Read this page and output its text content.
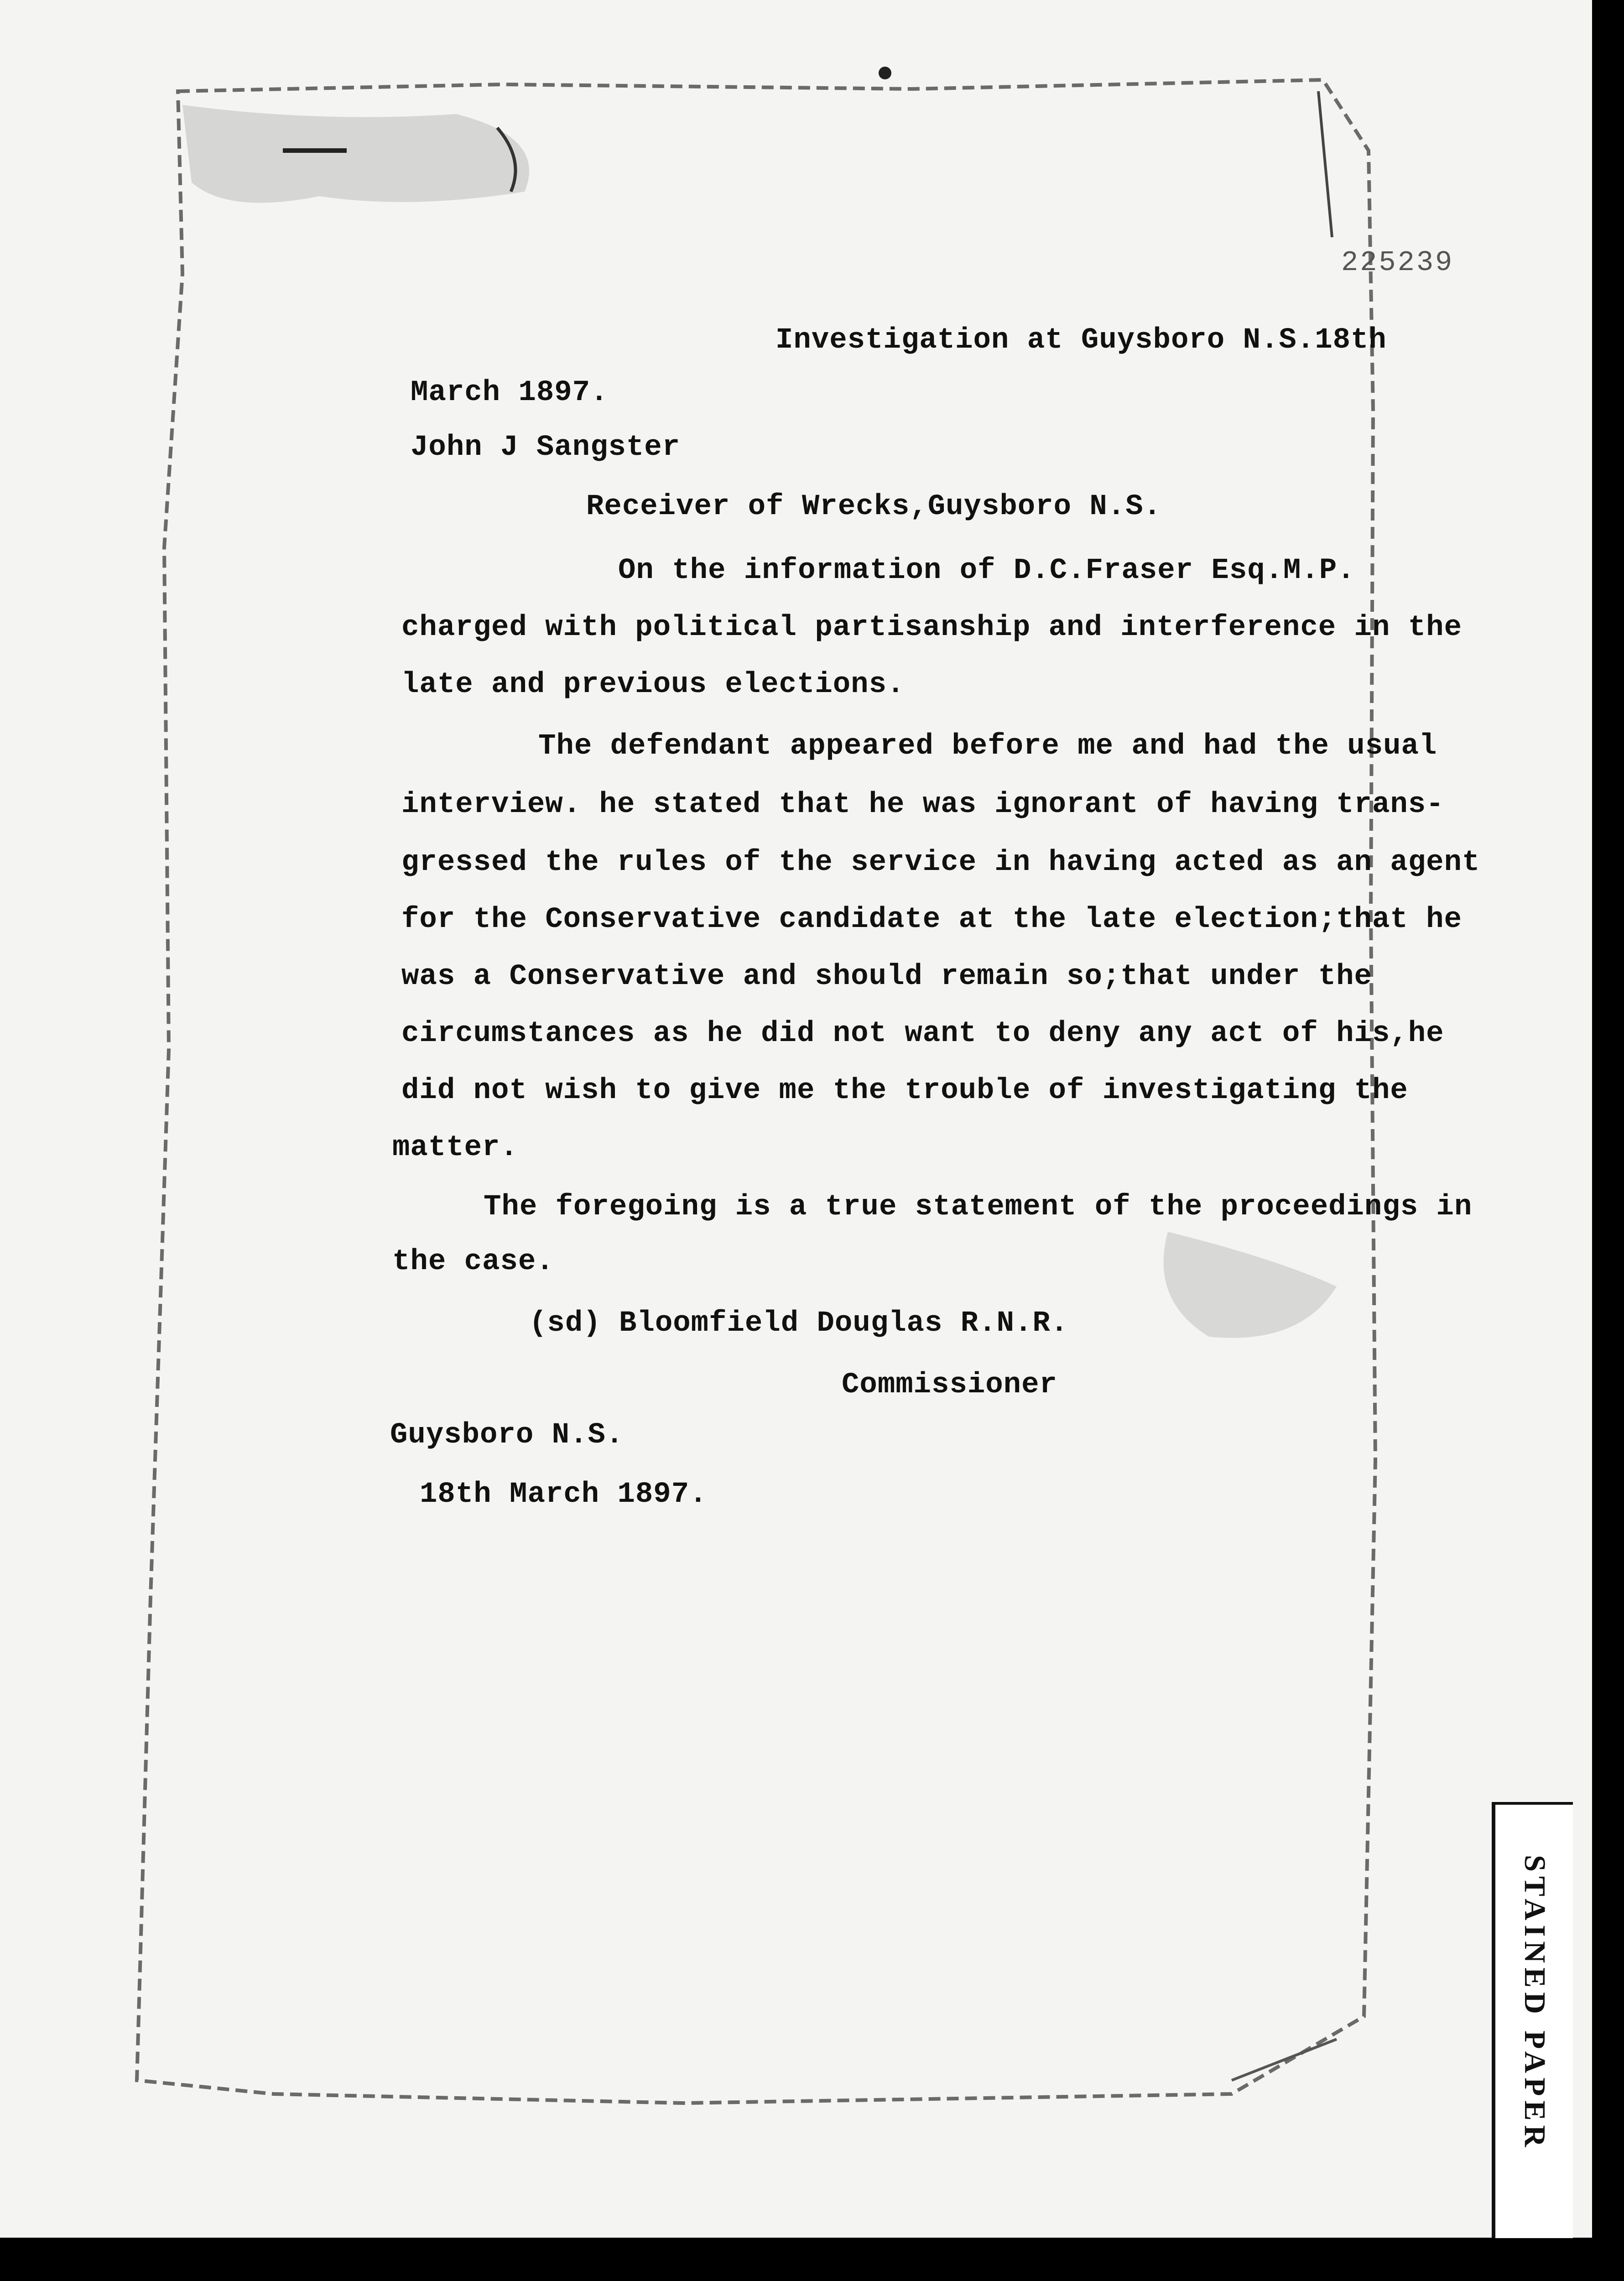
225239
Investigation at Guysboro N.S.18th
March 1897.
John J Sangster
Receiver of Wrecks,Guysboro N.S.
On the information of D.C.Fraser Esq.M.P.
charged with political partisanship and interference in the
late and previous elections.
The defendant appeared before me and had the usual
interview. he stated that he was ignorant of having trans-
gressed the rules of the service in having acted as an agent
for the Conservative candidate at the late election;that he
was a Conservative and should remain so;that under the
circumstances as he did not want to deny any act of his,he
did not wish to give me the trouble of investigating the
matter.
The foregoing is a true statement of the proceedings in
the case.
(sd) Bloomfield Douglas R.N.R.
Commissioner
Guysboro N.S.
18th March 1897.
STAINED PAPER
